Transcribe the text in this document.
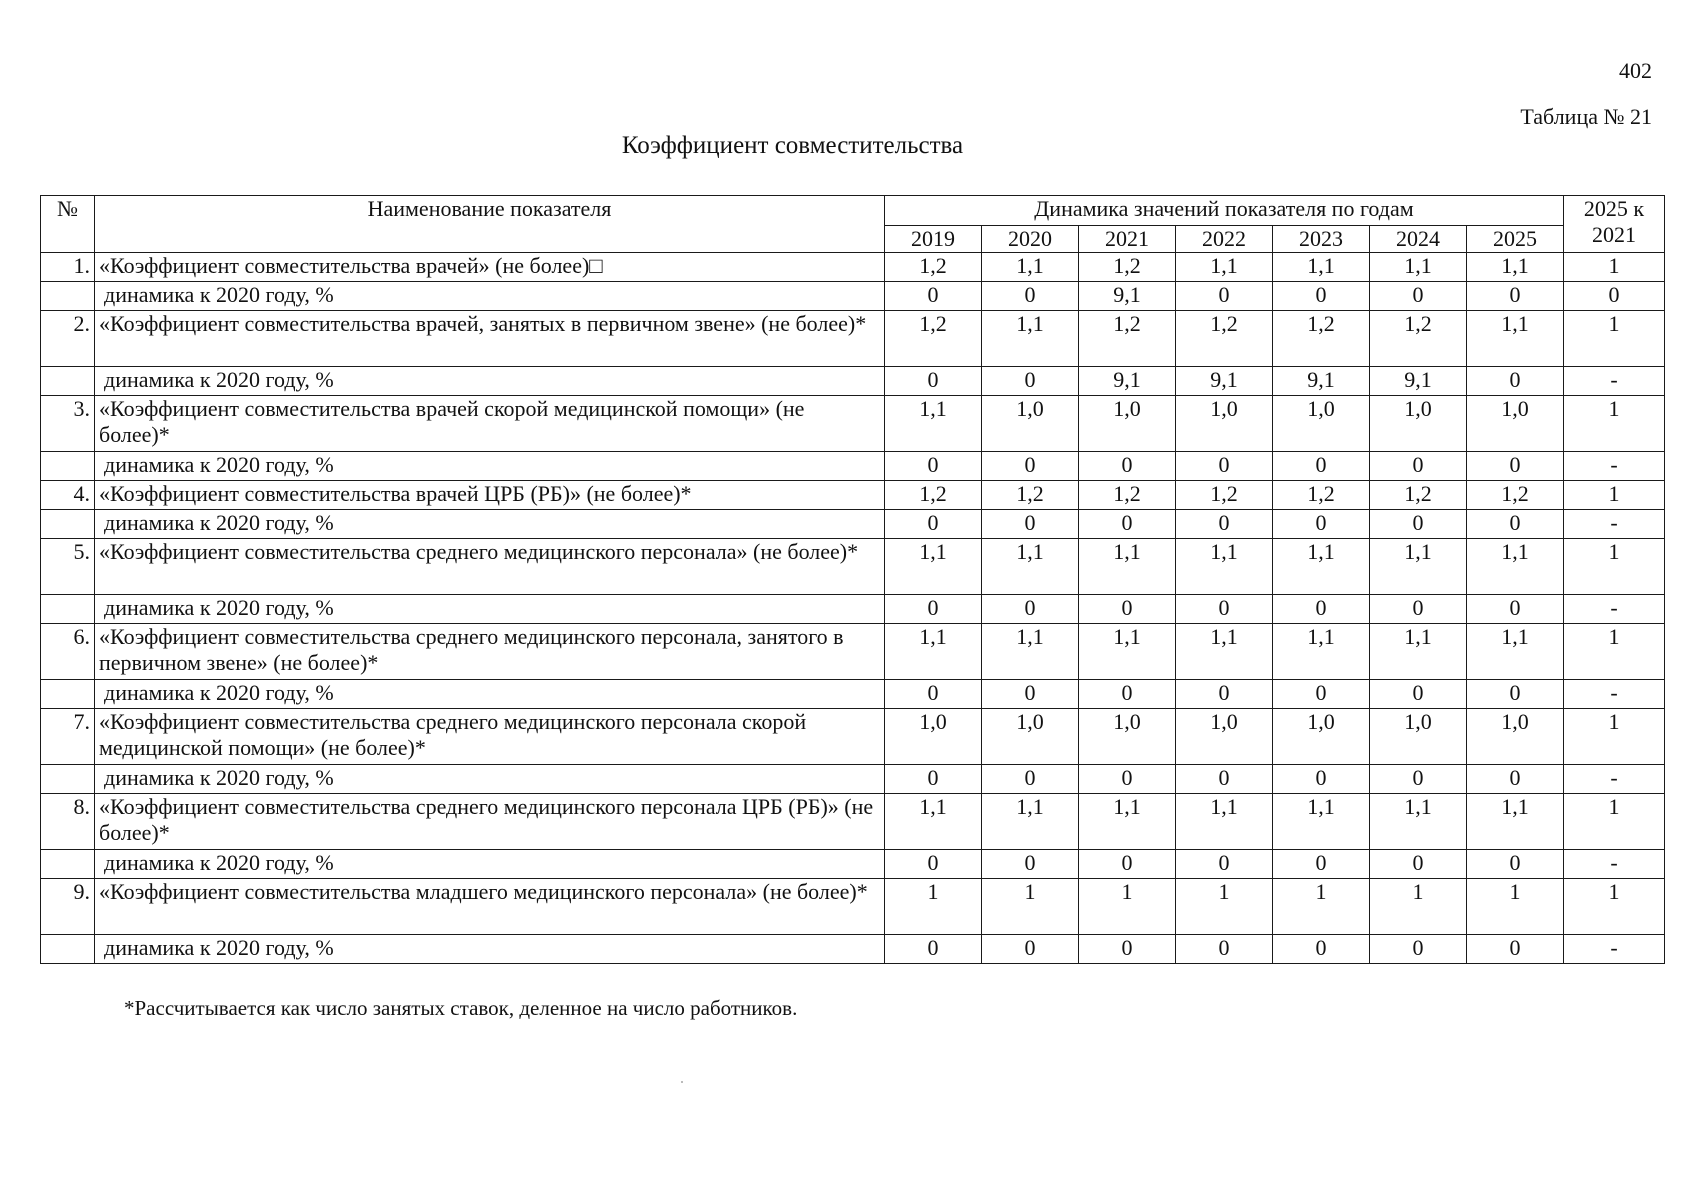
402
Таблица № 21
Коэффициент совместительства
№	Наименование показателя	Динамика значений показателя по годам							2025 к 2021
		2019	2020	2021	2022	2023	2024	2025	
1.	«Коэффициент совместительства врачей» (не более)□	1,2	1,1	1,2	1,1	1,1	1,1	1,1	1
	динамика к 2020 году, %	0	0	9,1	0	0	0	0	0
2.	«Коэффициент совместительства врачей, занятых в первичном звене» (не более)*	1,2	1,1	1,2	1,2	1,2	1,2	1,1	1
	динамика к 2020 году, %	0	0	9,1	9,1	9,1	9,1	0	-
3.	«Коэффициент совместительства врачей скорой медицинской помощи» (не более)*	1,1	1,0	1,0	1,0	1,0	1,0	1,0	1
	динамика к 2020 году, %	0	0	0	0	0	0	0	-
4.	«Коэффициент совместительства врачей ЦРБ (РБ)» (не более)*	1,2	1,2	1,2	1,2	1,2	1,2	1,2	1
	динамика к 2020 году, %	0	0	0	0	0	0	0	-
5.	«Коэффициент совместительства среднего медицинского персонала» (не более)*	1,1	1,1	1,1	1,1	1,1	1,1	1,1	1
	динамика к 2020 году, %	0	0	0	0	0	0	0	-
6.	«Коэффициент совместительства среднего медицинского персонала, занятого в первичном звене» (не более)*	1,1	1,1	1,1	1,1	1,1	1,1	1,1	1
	динамика к 2020 году, %	0	0	0	0	0	0	0	-
7.	«Коэффициент совместительства среднего медицинского персонала скорой медицинской помощи» (не более)*	1,0	1,0	1,0	1,0	1,0	1,0	1,0	1
	динамика к 2020 году, %	0	0	0	0	0	0	0	-
8.	«Коэффициент совместительства среднего медицинского персонала ЦРБ (РБ)» (не более)*	1,1	1,1	1,1	1,1	1,1	1,1	1,1	1
	динамика к 2020 году, %	0	0	0	0	0	0	0	-
9.	«Коэффициент совместительства младшего медицинского персонала» (не более)*	1	1	1	1	1	1	1	1
	динамика к 2020 году, %	0	0	0	0	0	0	0	-
*Рассчитывается как число занятых ставок, деленное на число работников.
